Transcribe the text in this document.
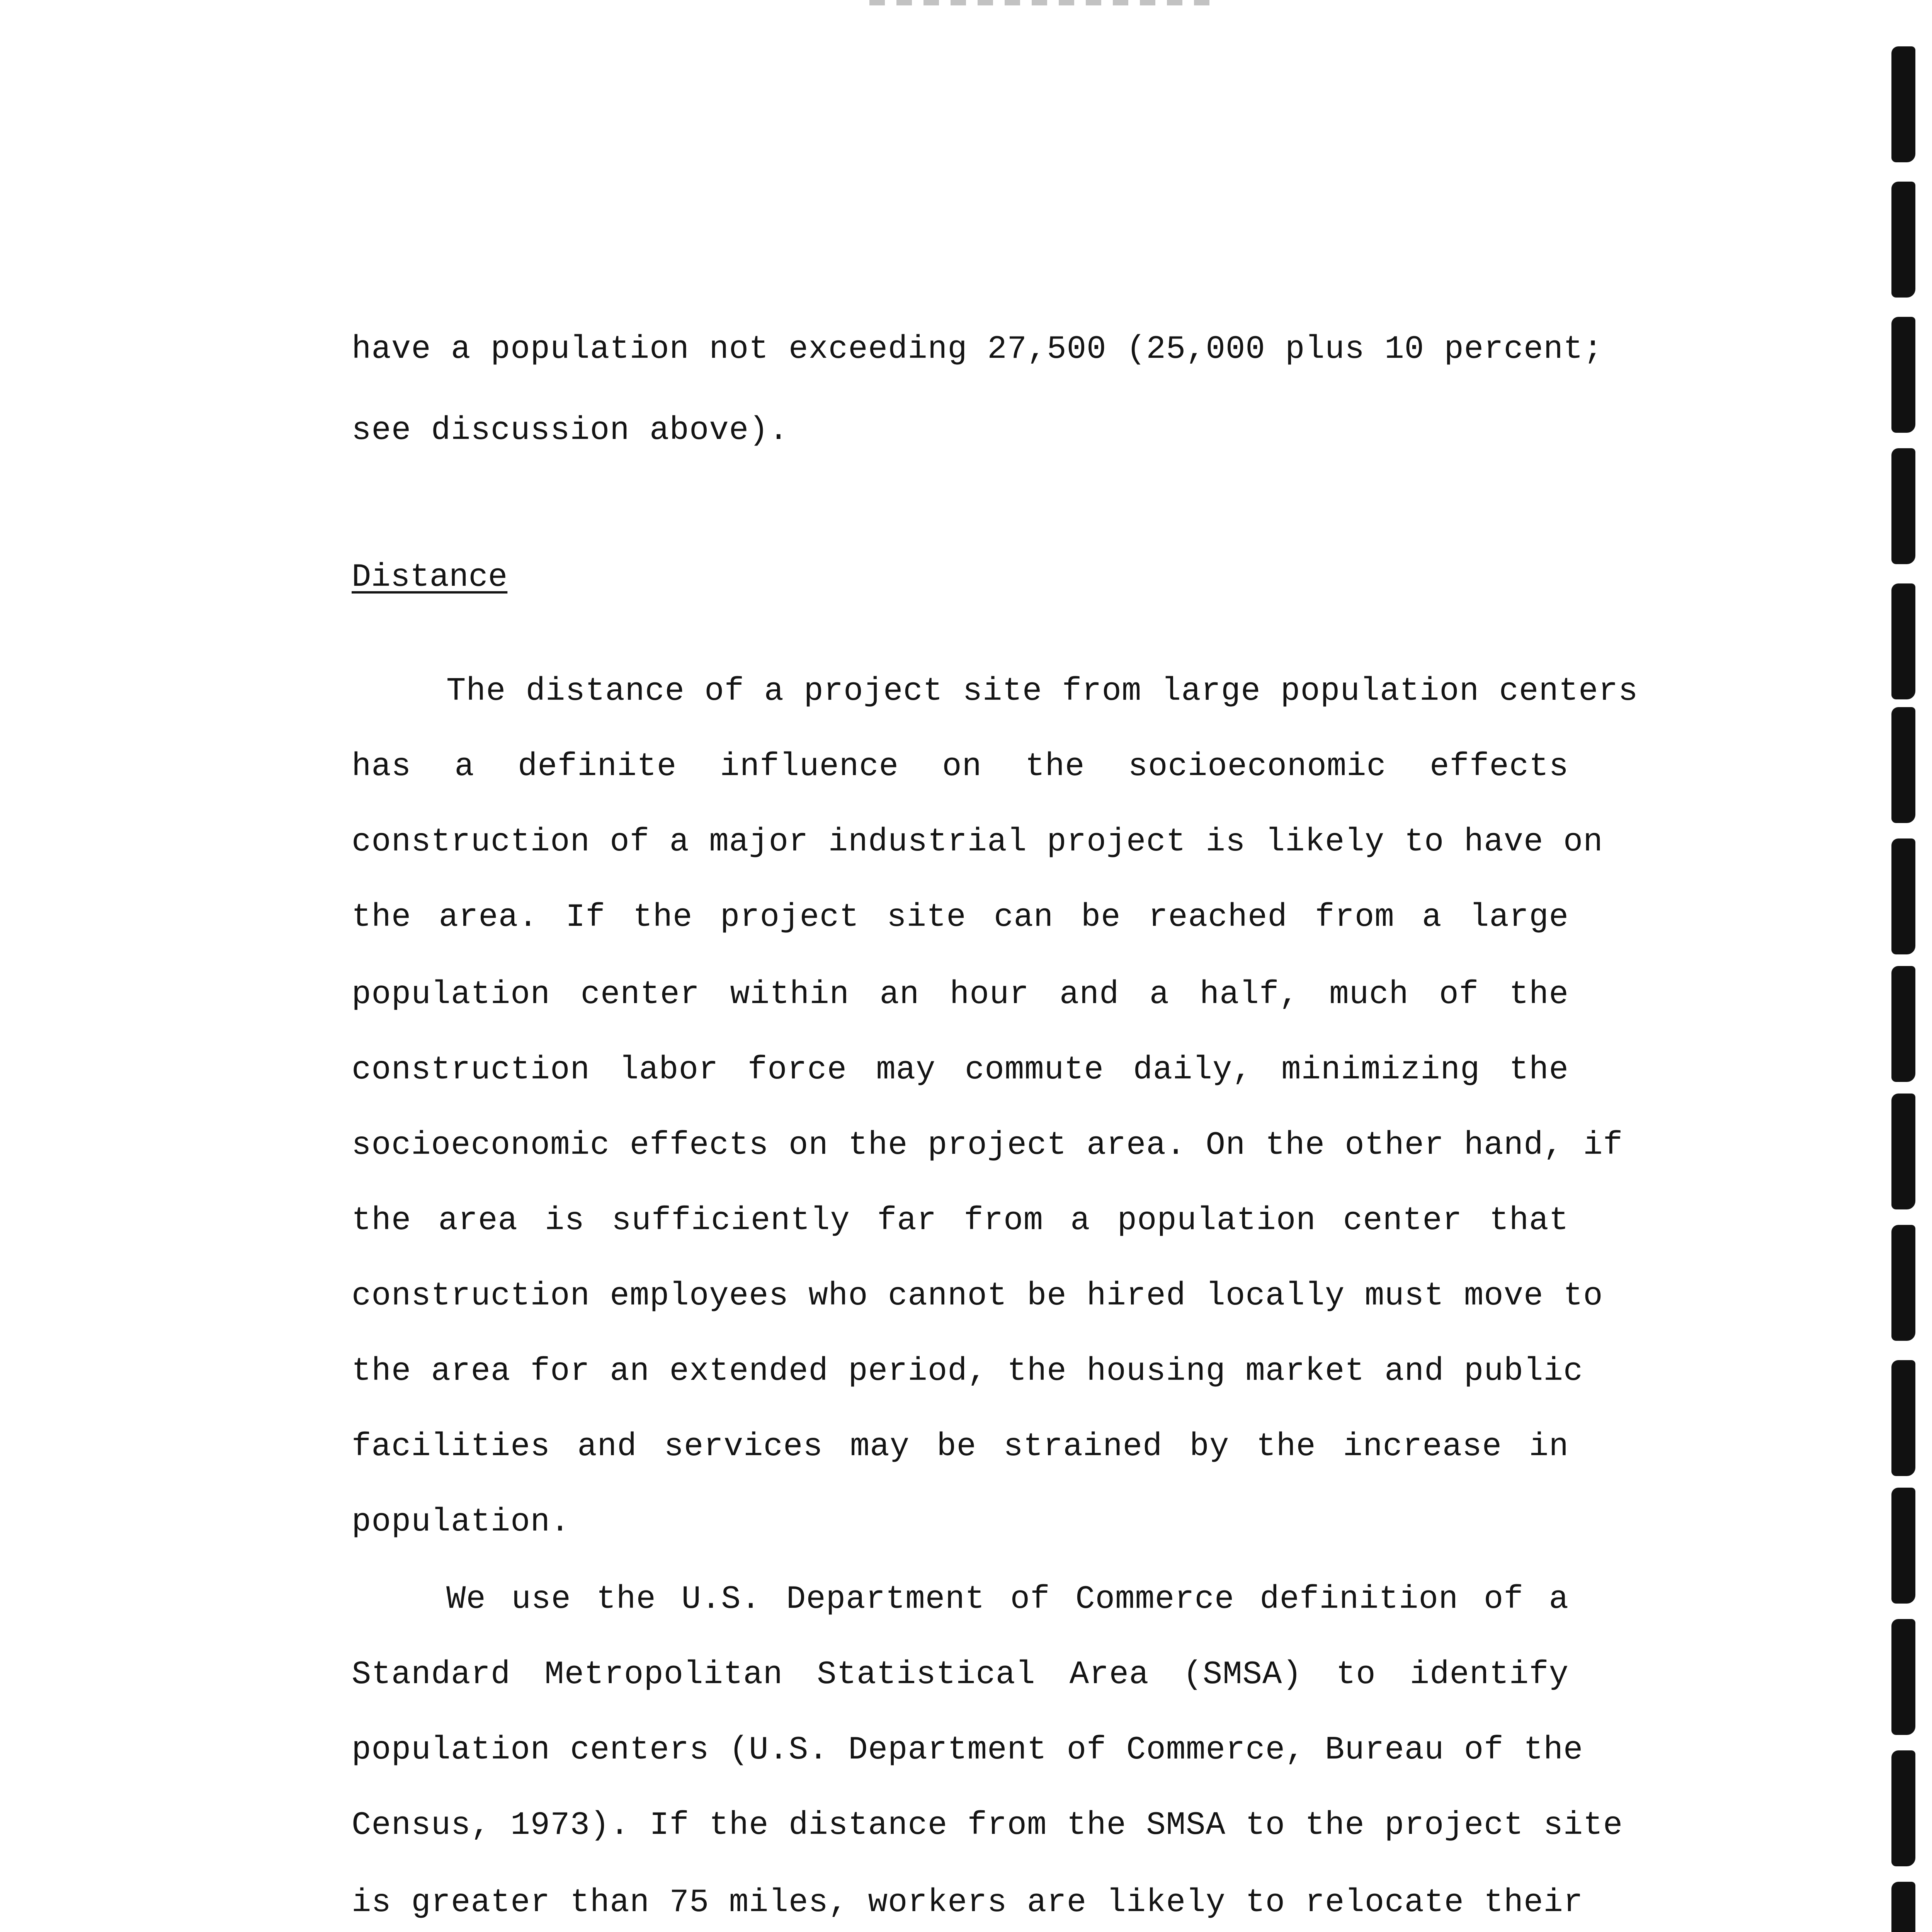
have a population not exceeding 27,500 (25,000 plus 10 percent;

see discussion above).

Distance

The distance of a project site from large population centers

has a definite influence on the socioeconomic effects

construction of a major industrial project is likely to have on

the area. If the project site can be reached from a large

population center within an hour and a half, much of the

construction labor force may commute daily, minimizing the

socioeconomic effects on the project area. On the other hand, if

the area is sufficiently far from a population center that

construction employees who cannot be hired locally must move to

the area for an extended period, the housing market and public

facilities and services may be strained by the increase in

population.

We use the U.S. Department of Commerce definition of a

Standard Metropolitan Statistical Area (SMSA) to identify

population centers (U.S. Department of Commerce, Bureau of the

Census, 1973). If the distance from the SMSA to the project site

is greater than 75 miles, workers are likely to relocate their
